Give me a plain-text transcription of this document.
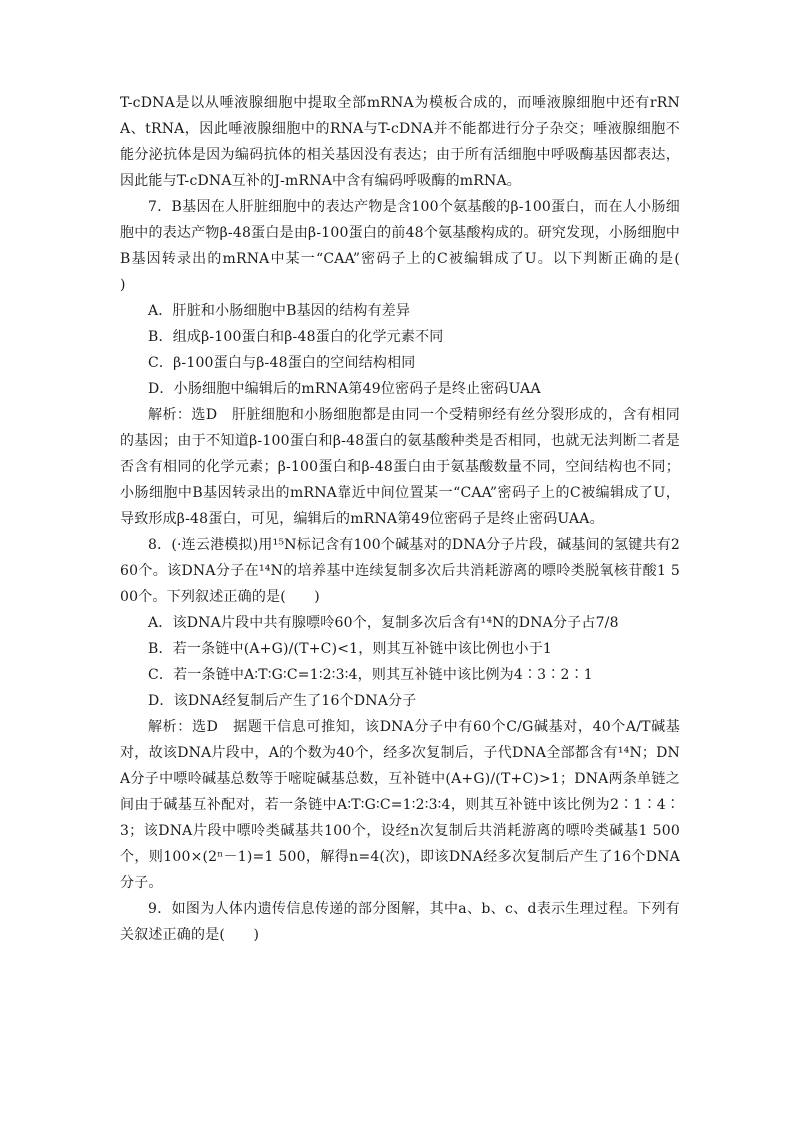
T-cDNA是以从唾液腺细胞中提取全部mRNA为模板合成的，而唾液腺细胞中还有rRNA、tRNA，因此唾液腺细胞中的RNA与T-cDNA并不能都进行分子杂交；唾液腺细胞不能分泌抗体是因为编码抗体的相关基因没有表达；由于所有活细胞中呼吸酶基因都表达，因此能与T-cDNA互补的J-mRNA中含有编码呼吸酶的mRNA。

7．B基因在人肝脏细胞中的表达产物是含100个氨基酸的β-100蛋白，而在人小肠细胞中的表达产物β-48蛋白是由β-100蛋白的前48个氨基酸构成的。研究发现，小肠细胞中B基因转录出的mRNA中某一“CAA”密码子上的C被编辑成了U。以下判断正确的是(　　)

A．肝脏和小肠细胞中B基因的结构有差异

B．组成β-100蛋白和β-48蛋白的化学元素不同

C．β-100蛋白与β-48蛋白的空间结构相同

D．小肠细胞中编辑后的mRNA第49位密码子是终止密码UAA

解析：选D　肝脏细胞和小肠细胞都是由同一个受精卵经有丝分裂形成的，含有相同的基因；由于不知道β-100蛋白和β-48蛋白的氨基酸种类是否相同，也就无法判断二者是否含有相同的化学元素；β-100蛋白和β-48蛋白由于氨基酸数量不同，空间结构也不同；小肠细胞中B基因转录出的mRNA靠近中间位置某一“CAA”密码子上的C被编辑成了U，导致形成β-48蛋白，可见，编辑后的mRNA第49位密码子是终止密码UAA。

8．(·连云港模拟)用¹⁵N标记含有100个碱基对的DNA分子片段，碱基间的氢键共有260个。该DNA分子在¹⁴N的培养基中连续复制多次后共消耗游离的嘌呤类脱氧核苷酸1 500个。下列叙述正确的是(　　)

A．该DNA片段中共有腺嘌呤60个，复制多次后含有¹⁴N的DNA分子占7/8

B．若一条链中(A+G)/(T+C)<1，则其互补链中该比例也小于1

C．若一条链中A∶T∶G∶C=1∶2∶3∶4，则其互补链中该比例为4∶3∶2∶1

D．该DNA经复制后产生了16个DNA分子

解析：选D　据题干信息可推知，该DNA分子中有60个C/G碱基对，40个A/T碱基对，故该DNA片段中，A的个数为40个，经多次复制后，子代DNA全部都含有¹⁴N；DNA分子中嘌呤碱基总数等于嘧啶碱基总数，互补链中(A+G)/(T+C)>1；DNA两条单链之间由于碱基互补配对，若一条链中A∶T∶G∶C=1∶2∶3∶4，则其互补链中该比例为2∶1∶4∶3；该DNA片段中嘌呤类碱基共100个，设经n次复制后共消耗游离的嘌呤类碱基1 500个，则100×(2ⁿ－1)=1 500，解得n=4(次)，即该DNA经多次复制后产生了16个DNA分子。

9．如图为人体内遗传信息传递的部分图解，其中a、b、c、d表示生理过程。下列有关叙述正确的是(　　)
